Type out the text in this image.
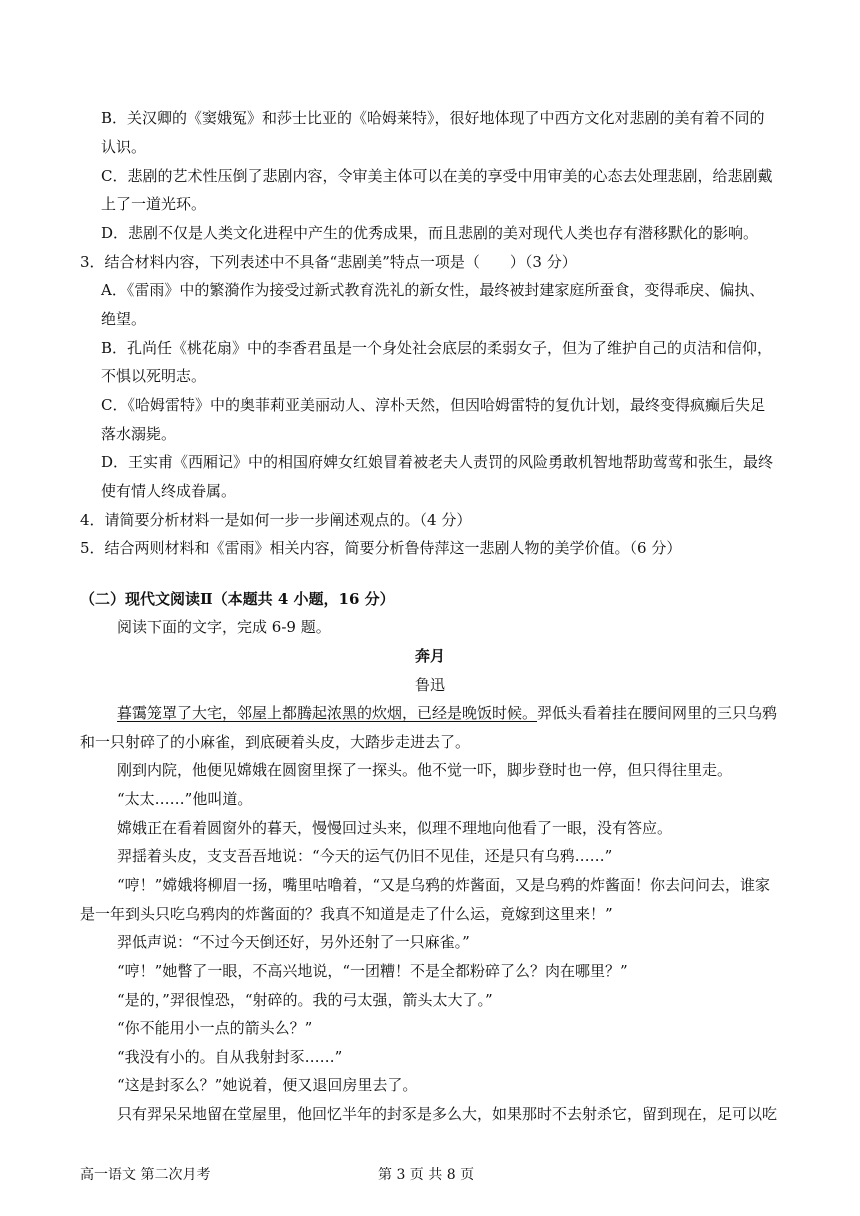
B．关汉卿的《窦娥冤》和莎士比亚的《哈姆莱特》，很好地体现了中西方文化对悲剧的美有着不同的
认识。
C．悲剧的艺术性压倒了悲剧内容，令审美主体可以在美的享受中用审美的心态去处理悲剧，给悲剧戴
上了一道光环。
D．悲剧不仅是人类文化进程中产生的优秀成果，而且悲剧的美对现代人类也存有潜移默化的影响。
3．结合材料内容，下列表述中不具备“悲剧美”特点一项是（　　）（3 分）
A．《雷雨》中的繁漪作为接受过新式教育洗礼的新女性，最终被封建家庭所蚕食，变得乖戾、偏执、
绝望。
B．孔尚任《桃花扇》中的李香君虽是一个身处社会底层的柔弱女子，但为了维护自己的贞洁和信仰，
不惧以死明志。
C．《哈姆雷特》中的奥菲莉亚美丽动人、淳朴天然，但因哈姆雷特的复仇计划，最终变得疯癫后失足
落水溺毙。
D．王实甫《西厢记》中的相国府婢女红娘冒着被老夫人责罚的风险勇敢机智地帮助莺莺和张生，最终
使有情人终成眷属。
4．请简要分析材料一是如何一步一步阐述观点的。（4 分）
5．结合两则材料和《雷雨》相关内容，简要分析鲁侍萍这一悲剧人物的美学价值。（6 分）
（二）现代文阅读Ⅱ（本题共 4 小题，16 分）
阅读下面的文字，完成 6-9 题。
奔月
鲁迅
暮霭笼罩了大宅，邻屋上都腾起浓黑的炊烟，已经是晚饭时候。羿低头看着挂在腰间网里的三只乌鸦
和一只射碎了的小麻雀，到底硬着头皮，大踏步走进去了。
刚到内院，他便见嫦娥在圆窗里探了一探头。他不觉一吓，脚步登时也一停，但只得往里走。
“太太……”他叫道。
嫦娥正在看着圆窗外的暮天，慢慢回过头来，似理不理地向他看了一眼，没有答应。
羿揺着头皮，支支吾吾地说：“今天的运气仍旧不见佳，还是只有乌鸦……”
“哼！”嫦娥将柳眉一扬，嘴里咕噜着，“又是乌鸦的炸酱面，又是乌鸦的炸酱面！你去问问去，谁家
是一年到头只吃乌鸦肉的炸酱面的？我真不知道是走了什么运，竟嫁到这里来！”
羿低声说：“不过今天倒还好，另外还射了一只麻雀。”
“哼！”她瞥了一眼，不高兴地说，“一团糟！不是全都粉碎了么？肉在哪里？”
“是的，”羿很惶恐，“射碎的。我的弓太强，箭头太大了。”
“你不能用小一点的箭头么？”
“我没有小的。自从我射封豕……”
“这是封豕么？”她说着，便又退回房里去了。
只有羿呆呆地留在堂屋里，他回忆半年的封豕是多么大，如果那时不去射杀它，留到现在，足可以吃
高一语文 第二次月考	第 3 页 共 8 页
